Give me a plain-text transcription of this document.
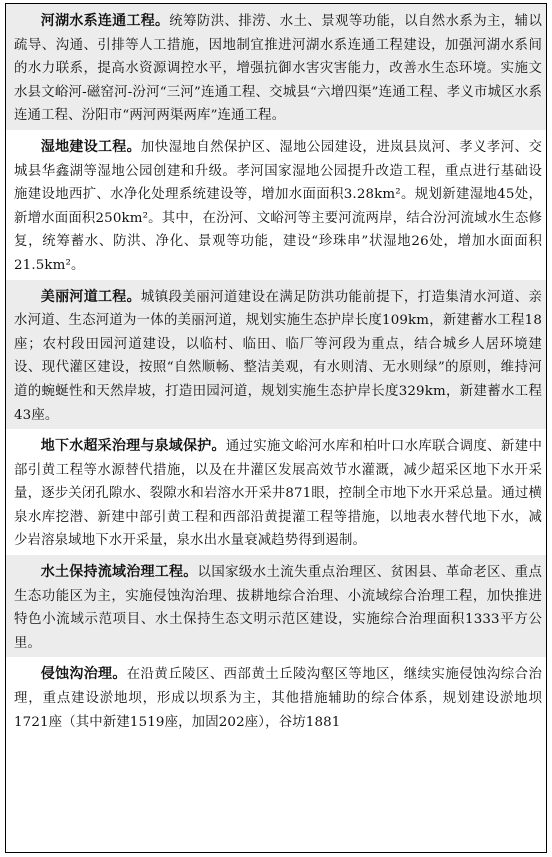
河湖水系连通工程。统筹防洪、排涝、水土、景观等功能，以自然水系为主，辅以疏导、沟通、引排等人工措施，因地制宜推进河湖水系连通工程建设，加强河湖水系间的水力联系，提高水资源调控水平，增强抗御水害灾害能力，改善水生态环境。实施文水县文峪河-磁窑河-汾河“三河”连通工程、交城县“六增四渠”连通工程、孝义市城区水系连通工程、汾阳市“两河两渠两库”连通工程。
湿地建设工程。加快湿地自然保护区、湿地公园建设，进岚县岚河、孝义孝河、交城县华鑫湖等湿地公园创建和升级。孝河国家湿地公园提升改造工程，重点进行基础设施建设地西扩、水净化处理系统建设等，增加水面面积3.28km²。规划新建湿地45处，新增水面面积250km²。其中，在汾河、文峪河等主要河流两岸，结合汾河流域水生态修复，统筹蓄水、防洪、净化、景观等功能，建设“珍珠串”状湿地26处，增加水面面积21.5km²。
美丽河道工程。城镇段美丽河道建设在满足防洪功能前提下，打造集清水河道、亲水河道、生态河道为一体的美丽河道，规划实施生态护岸长度109km，新建蓄水工程18座；农村段田园河道建设，以临村、临田、临厂等河段为重点，结合城乡人居环境建设、现代灌区建设，按照“自然顺畅、整洁美观，有水则清、无水则绿”的原则，维持河道的蜿蜒性和天然岸坡，打造田园河道，规划实施生态护岸长度329km，新建蓄水工程43座。
地下水超采治理与泉域保护。通过实施文峪河水库和柏叶口水库联合调度、新建中部引黄工程等水源替代措施，以及在井灌区发展高效节水灌溉，减少超采区地下水开采量，逐步关闭孔隙水、裂隙水和岩溶水开采井871眼，控制全市地下水开采总量。通过横泉水库挖潜、新建中部引黄工程和西部沿黄提灌工程等措施，以地表水替代地下水，减少岩溶泉域地下水开采量，泉水出水量衰减趋势得到遏制。
水土保持流域治理工程。以国家级水土流失重点治理区、贫困县、革命老区、重点生态功能区为主，实施侵蚀沟治理、拔耕地综合治理、小流域综合治理工程，加快推进特色小流域示范项目、水土保持生态文明示范区建设，实施综合治理面积1333平方公里。
侵蚀沟治理。在沿黄丘陵区、西部黄土丘陵沟壑区等地区，继续实施侵蚀沟综合治理，重点建设淤地坝，形成以坝系为主，其他措施辅助的综合体系，规划建设淤地坝1721座（其中新建1519座，加固202座），谷坊1881
